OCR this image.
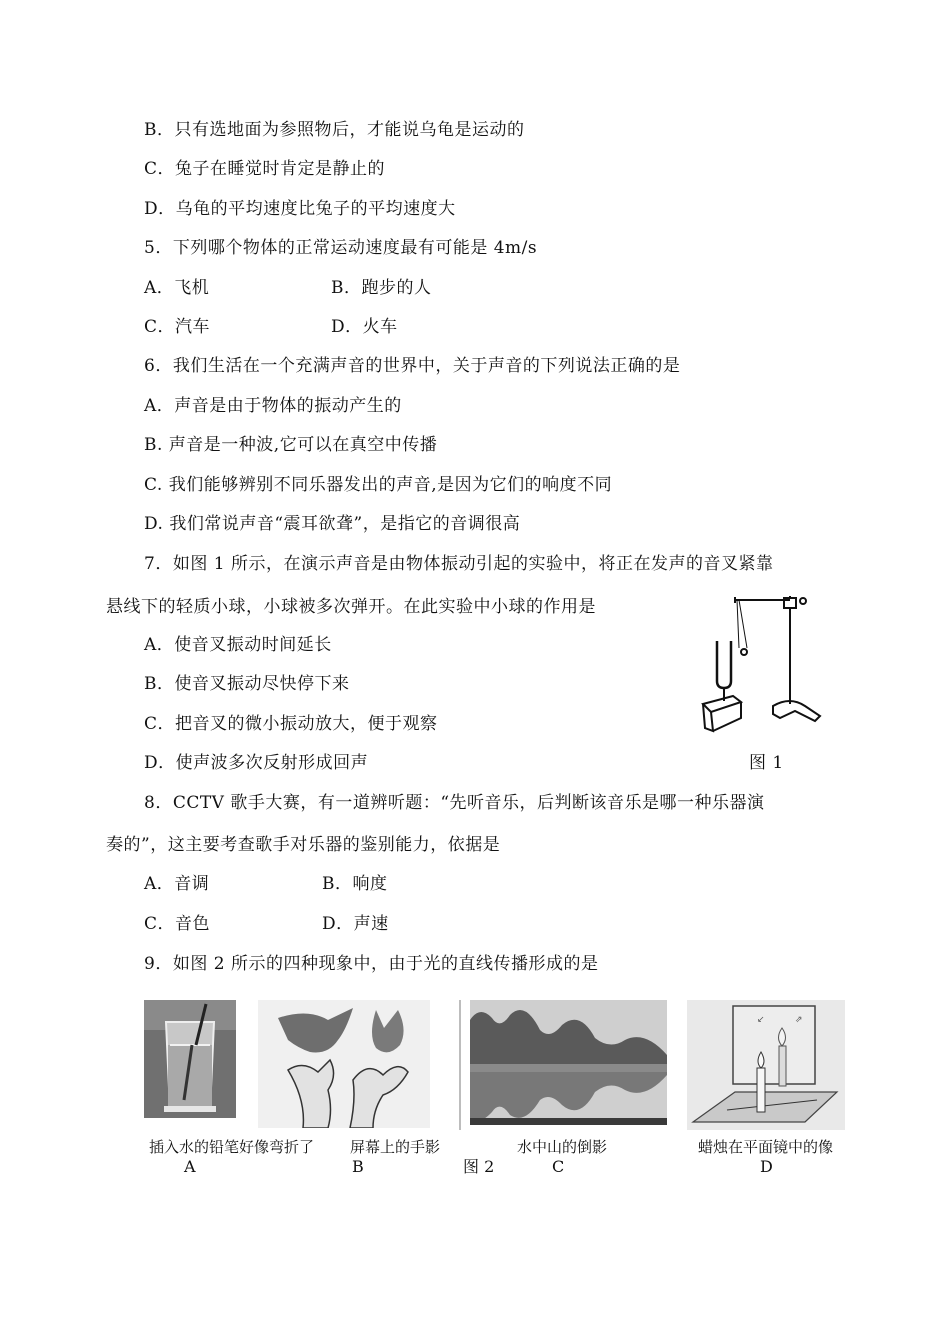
B．只有选地面为参照物后，才能说乌龟是运动的
C．兔子在睡觉时肯定是静止的
D．乌龟的平均速度比兔子的平均速度大
5．下列哪个物体的正常运动速度最有可能是 4m/s
A．飞机	B．跑步的人
C．汽车	D．火车
6．我们生活在一个充满声音的世界中，关于声音的下列说法正确的是
A．声音是由于物体的振动产生的
B. 声音是一种波,它可以在真空中传播
C. 我们能够辨别不同乐器发出的声音,是因为它们的响度不同
D. 我们常说声音“震耳欲聋”，是指它的音调很高
7．如图 1 所示，在演示声音是由物体振动引起的实验中，将正在发声的音叉紧靠
悬线下的轻质小球，小球被多次弹开。在此实验中小球的作用是
A．使音叉振动时间延长
B．使音叉振动尽快停下来
C．把音叉的微小振动放大，便于观察
D．使声波多次反射形成回声	图 1
8．CCTV 歌手大赛，有一道辨听题：“先听音乐，后判断该音乐是哪一种乐器演
奏的”，这主要考查歌手对乐器的鉴别能力，依据是
A．音调	B．响度
C．音色	D．声速
9．如图 2 所示的四种现象中，由于光的直线传播形成的是
↙	⇗
插入水的铅笔好像弯折了 屏幕上的手影	水中山的倒影	蜡烛在平面镜中的像
A	B	图 2	C	D
